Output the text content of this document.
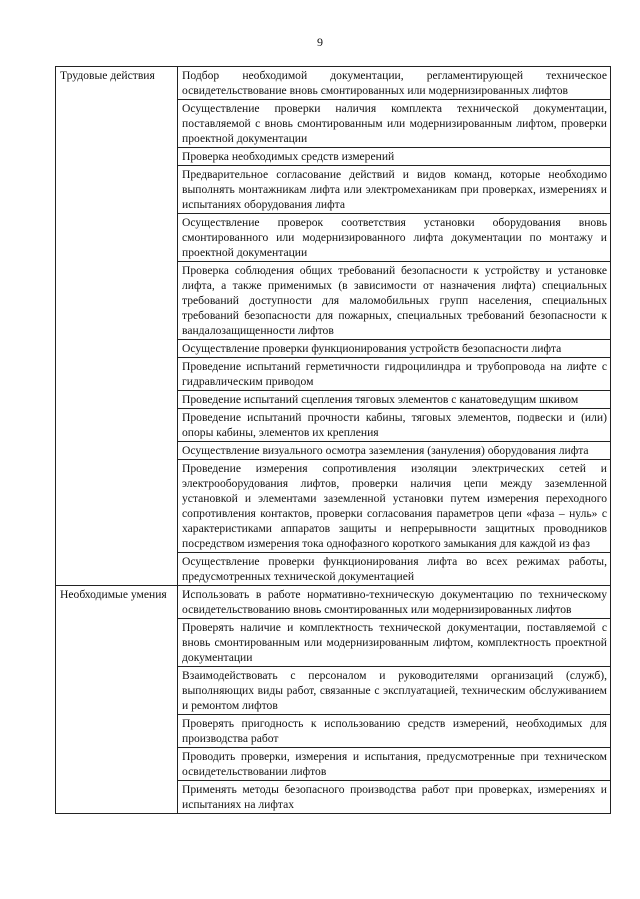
9
Трудовые действия	Подбор необходимой документации, регламентирующей техническое освидетельствование вновь смонтированных или модернизированных лифтов
	Осуществление проверки наличия комплекта технической документации, поставляемой с вновь смонтированным или модернизированным лифтом, проверки проектной документации
	Проверка необходимых средств измерений
	Предварительное согласование действий и видов команд, которые необходимо выполнять монтажникам лифта или электромеханикам при проверках, измерениях и испытаниях оборудования лифта
	Осуществление проверок соответствия установки оборудования вновь смонтированного или модернизированного лифта документации по монтажу и проектной документации
	Проверка соблюдения общих требований безопасности к устройству и установке лифта, а также применимых (в зависимости от назначения лифта) специальных требований доступности для маломобильных групп населения, специальных требований безопасности для пожарных, специальных требований безопасности к вандалозащищенности лифтов
	Осуществление проверки функционирования устройств безопасности лифта
	Проведение испытаний герметичности гидроцилиндра и трубопровода на лифте с гидравлическим приводом
	Проведение испытаний сцепления тяговых элементов с канатоведущим шкивом
	Проведение испытаний прочности кабины, тяговых элементов, подвески и (или) опоры кабины, элементов их крепления
	Осуществление визуального осмотра заземления (зануления) оборудования лифта
	Проведение измерения сопротивления изоляции электрических сетей и электрооборудования лифтов, проверки наличия цепи между заземленной установкой и элементами заземленной установки путем измерения переходного сопротивления контактов, проверки согласования параметров цепи «фаза – нуль» с характеристиками аппаратов защиты и непрерывности защитных проводников посредством измерения тока однофазного короткого замыкания для каждой из фаз
	Осуществление проверки функционирования лифта во всех режимах работы, предусмотренных технической документацией
Необходимые умения	Использовать в работе нормативно-техническую документацию по техническому освидетельствованию вновь смонтированных или модернизированных лифтов
	Проверять наличие и комплектность технической документации, поставляемой с вновь смонтированным или модернизированным лифтом, комплектность проектной документации
	Взаимодействовать с персоналом и руководителями организаций (служб), выполняющих виды работ, связанные с эксплуатацией, техническим обслуживанием и ремонтом лифтов
	Проверять пригодность к использованию средств измерений, необходимых для производства работ
	Проводить проверки, измерения и испытания, предусмотренные при техническом освидетельствовании лифтов
	Применять методы безопасного производства работ при проверках, измерениях и испытаниях на лифтах
